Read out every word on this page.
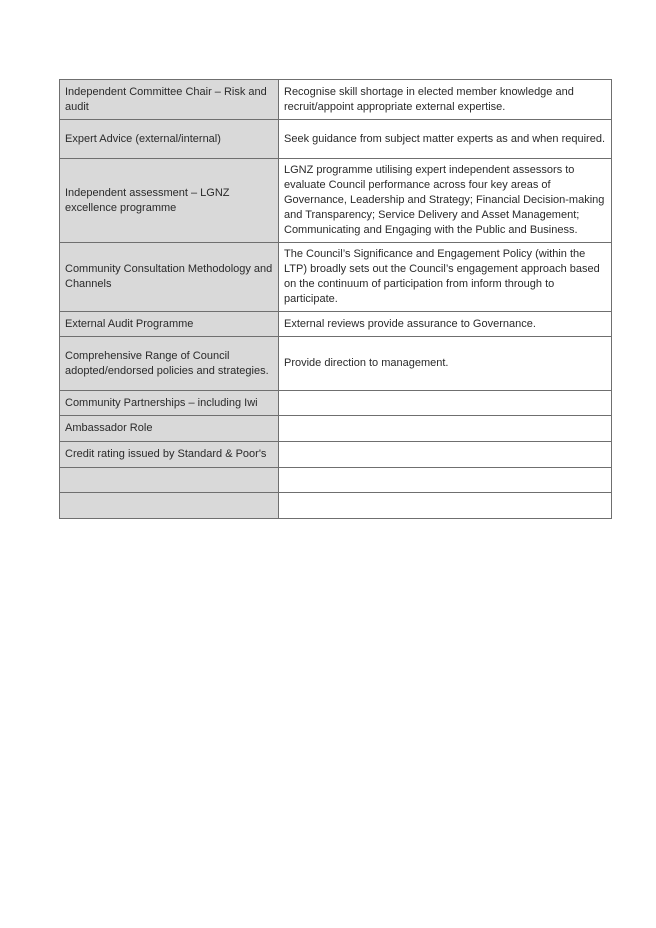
Independent Committee Chair – Risk and audit	Recognise skill shortage in elected member knowledge and recruit/appoint appropriate external expertise.
Expert Advice (external/internal)	Seek guidance from subject matter experts as and when required.
Independent assessment – LGNZ excellence programme	LGNZ programme utilising expert independent assessors to evaluate Council performance across four key areas of Governance, Leadership and Strategy; Financial Decision-making and Transparency; Service Delivery and Asset Management; Communicating and Engaging with the Public and Business.
Community Consultation Methodology and Channels	The Council’s Significance and Engagement Policy (within the LTP) broadly sets out the Council’s engagement approach based on the continuum of participation from inform through to participate.
External Audit Programme	External reviews provide assurance to Governance.
Comprehensive Range of Council adopted/endorsed policies and strategies.	Provide direction to management.
Community Partnerships – including Iwi	
Ambassador Role	
Credit rating issued by Standard & Poor's	
